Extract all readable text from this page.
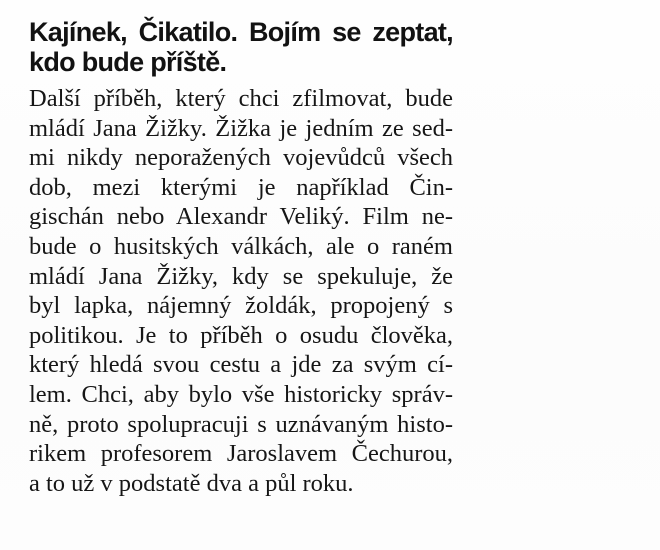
Kajínek, Čikatilo. Bojím se zeptat,
kdo bude příště.
Další příběh, který chci zfilmovat, bude
mládí Jana Žižky. Žižka je jedním ze sed-
mi nikdy neporažených vojevůdců všech
dob, mezi kterými je například Čin-
gischán nebo Alexandr Veliký. Film ne-
bude o husitských válkách, ale o raném
mládí Jana Žižky, kdy se spekuluje, že
byl lapka, nájemný žoldák, propojený s
politikou. Je to příběh o osudu člověka,
který hledá svou cestu a jde za svým cí-
lem. Chci, aby bylo vše historicky správ-
ně, proto spolupracuji s uznávaným histo-
rikem profesorem Jaroslavem Čechurou,
a to už v podstatě dva a půl roku.
